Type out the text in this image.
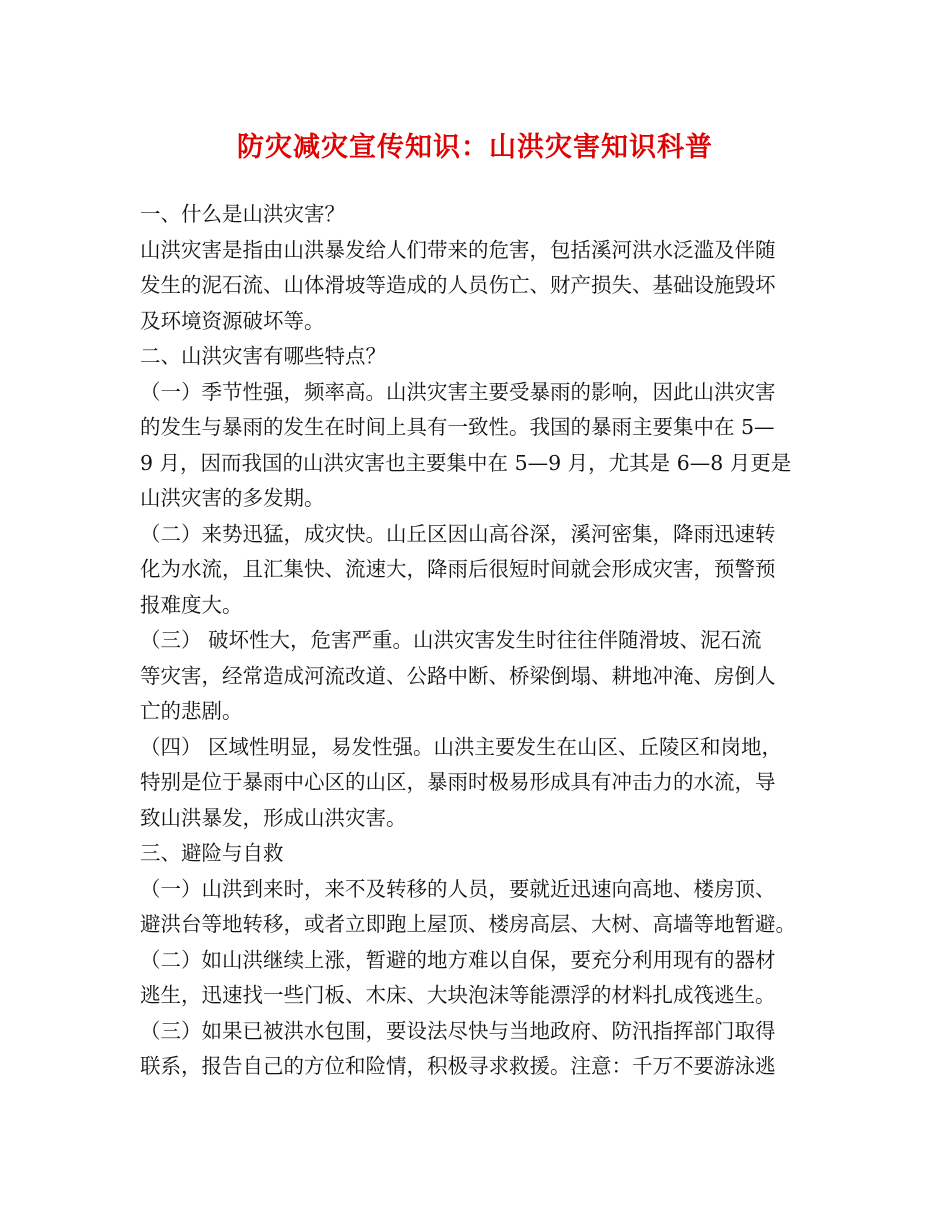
防灾减灾宣传知识：山洪灾害知识科普
一、什么是山洪灾害？
山洪灾害是指由山洪暴发给人们带来的危害，包括溪河洪水泛滥及伴随
发生的泥石流、山体滑坡等造成的人员伤亡、财产损失、基础设施毁坏
及环境资源破坏等。
二、山洪灾害有哪些特点？
（一）季节性强，频率高。山洪灾害主要受暴雨的影响，因此山洪灾害
的发生与暴雨的发生在时间上具有一致性。我国的暴雨主要集中在 5—
9 月，因而我国的山洪灾害也主要集中在 5—9 月，尤其是 6—8 月更是
山洪灾害的多发期。
（二）来势迅猛，成灾快。山丘区因山高谷深，溪河密集，降雨迅速转
化为水流，且汇集快、流速大，降雨后很短时间就会形成灾害，预警预
报难度大。
（三） 破坏性大，危害严重。山洪灾害发生时往往伴随滑坡、泥石流
等灾害，经常造成河流改道、公路中断、桥梁倒塌、耕地冲淹、房倒人
亡的悲剧。
（四） 区域性明显，易发性强。山洪主要发生在山区、丘陵区和岗地，
特别是位于暴雨中心区的山区，暴雨时极易形成具有冲击力的水流，导
致山洪暴发，形成山洪灾害。
三、避险与自救
（一）山洪到来时，来不及转移的人员，要就近迅速向高地、楼房顶、
避洪台等地转移，或者立即跑上屋顶、楼房高层、大树、高墙等地暂避。
（二）如山洪继续上涨，暂避的地方难以自保，要充分利用现有的器材
逃生，迅速找一些门板、木床、大块泡沫等能漂浮的材料扎成筏逃生。
（三）如果已被洪水包围，要设法尽快与当地政府、防汛指挥部门取得
联系，报告自己的方位和险情，积极寻求救援。注意：千万不要游泳逃
